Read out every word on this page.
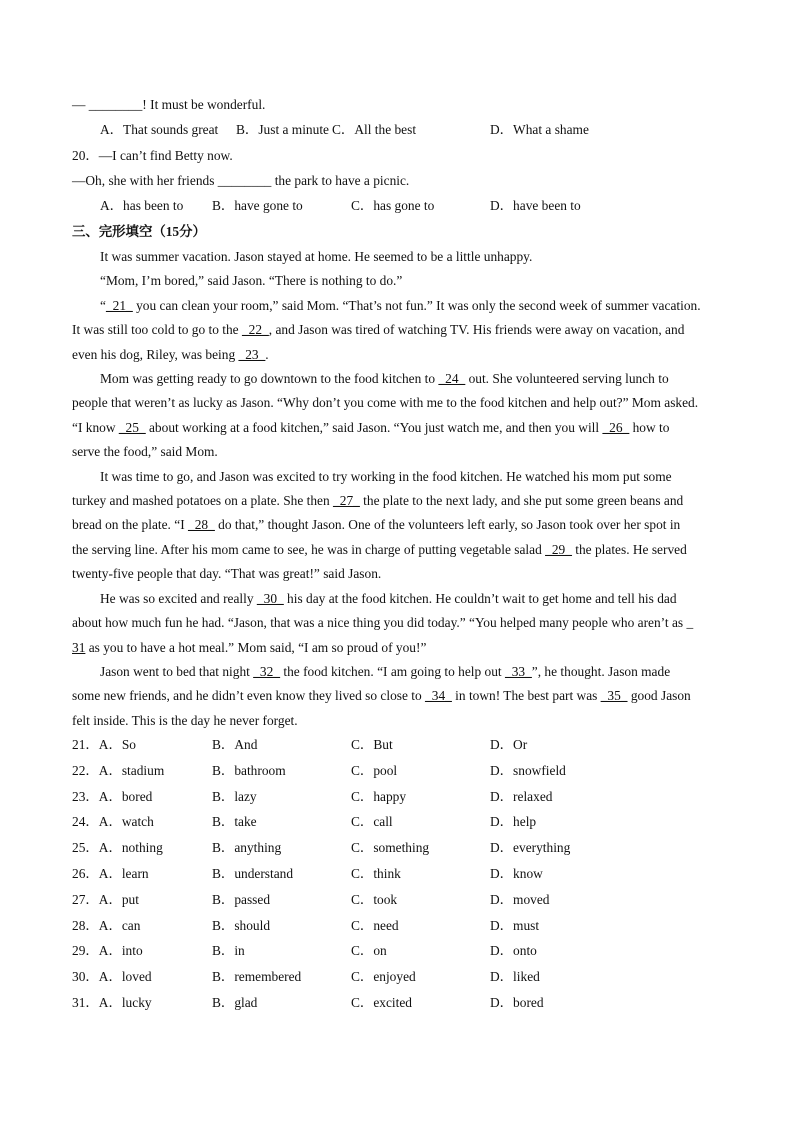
— ________! It must be wonderful.
A．That sounds great B．Just a minute C．All the best	D．What a shame
20．—I can’t find Betty now.
—Oh, she with her friends ________ the park to have a picnic.
A．has been to B．have gone to	C．has gone to	D．have been to
三、完形填空（15分）
It was summer vacation. Jason stayed at home. He seemed to be a little unhappy.
“Mom, I’m bored,” said Jason. “There is nothing to do.”
“_21_ you can clean your room,” said Mom. “That’s not fun.” It was only the second week of summer vacation.
It was still too cold to go to the _22_, and Jason was tired of watching TV. His friends were away on vacation, and
even his dog, Riley, was being _23_.
Mom was getting ready to go downtown to the food kitchen to _24_ out. She volunteered serving lunch to
people that weren’t as lucky as Jason. “Why don’t you come with me to the food kitchen and help out?” Mom asked.
“I know _25_ about working at a food kitchen,” said Jason. “You just watch me, and then you will _26_ how to
serve the food,” said Mom.
It was time to go, and Jason was excited to try working in the food kitchen. He watched his mom put some
turkey and mashed potatoes on a plate. She then _27_ the plate to the next lady, and she put some green beans and
bread on the plate. “I _28_ do that,” thought Jason. One of the volunteers left early, so Jason took over her spot in
the serving line. After his mom came to see, he was in charge of putting vegetable salad _29_ the plates. He served
twenty-five people that day. “That was great!” said Jason.
He was so excited and really _30_ his day at the food kitchen. He couldn’t wait to get home and tell his dad
about how much fun he had. “Jason, that was a nice thing you did today.” “You helped many people who aren’t as _
31 as you to have a hot meal.” Mom said, “I am so proud of you!”
Jason went to bed that night _32_ the food kitchen. “I am going to help out _33_”, he thought. Jason made
some new friends, and he didn’t even know they lived so close to _34_ in town! The best part was _35_ good Jason
felt inside. This is the day he never forget.
21．A．So	B．And	C．But	D．Or
22．A．stadium	B．bathroom	C．pool	D．snowfield
23．A．bored	B．lazy	C．happy	D．relaxed
24．A．watch	B．take	C．call	D．help
25．A．nothing	B．anything	C．something	D．everything
26．A．learn	B．understand	C．think	D．know
27．A．put	B．passed	C．took	D．moved
28．A．can	B．should	C．need	D．must
29．A．into	B．in	C．on	D．onto
30．A．loved	B．remembered	C．enjoyed	D．liked
31．A．lucky	B．glad	C．excited	D．bored
